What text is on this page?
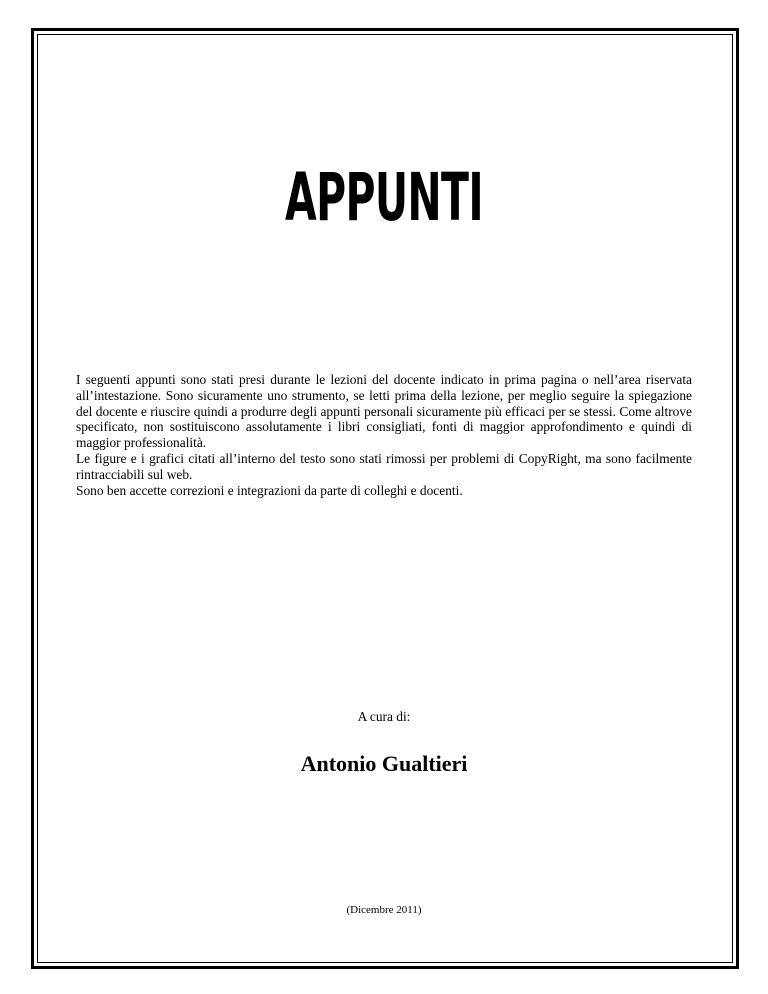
APPUNTI

I seguenti appunti sono stati presi durante le lezioni del docente indicato in prima pagina o nell’area riservata all’intestazione. Sono sicuramente uno strumento, se letti prima della lezione, per meglio seguire la spiegazione del docente e riuscire quindi a produrre degli appunti personali sicuramente più efficaci per se stessi. Come altrove specificato, non sostituiscono assolutamente i libri consigliati, fonti di maggior approfondimento e quindi di maggior professionalità.

Le figure e i grafici citati all’interno del testo sono stati rimossi per problemi di CopyRight, ma sono facilmente rintracciabili sul web.

Sono ben accette correzioni e integrazioni da parte di colleghi e docenti.

A cura di:
Antonio Gualtieri
(Dicembre 2011)
